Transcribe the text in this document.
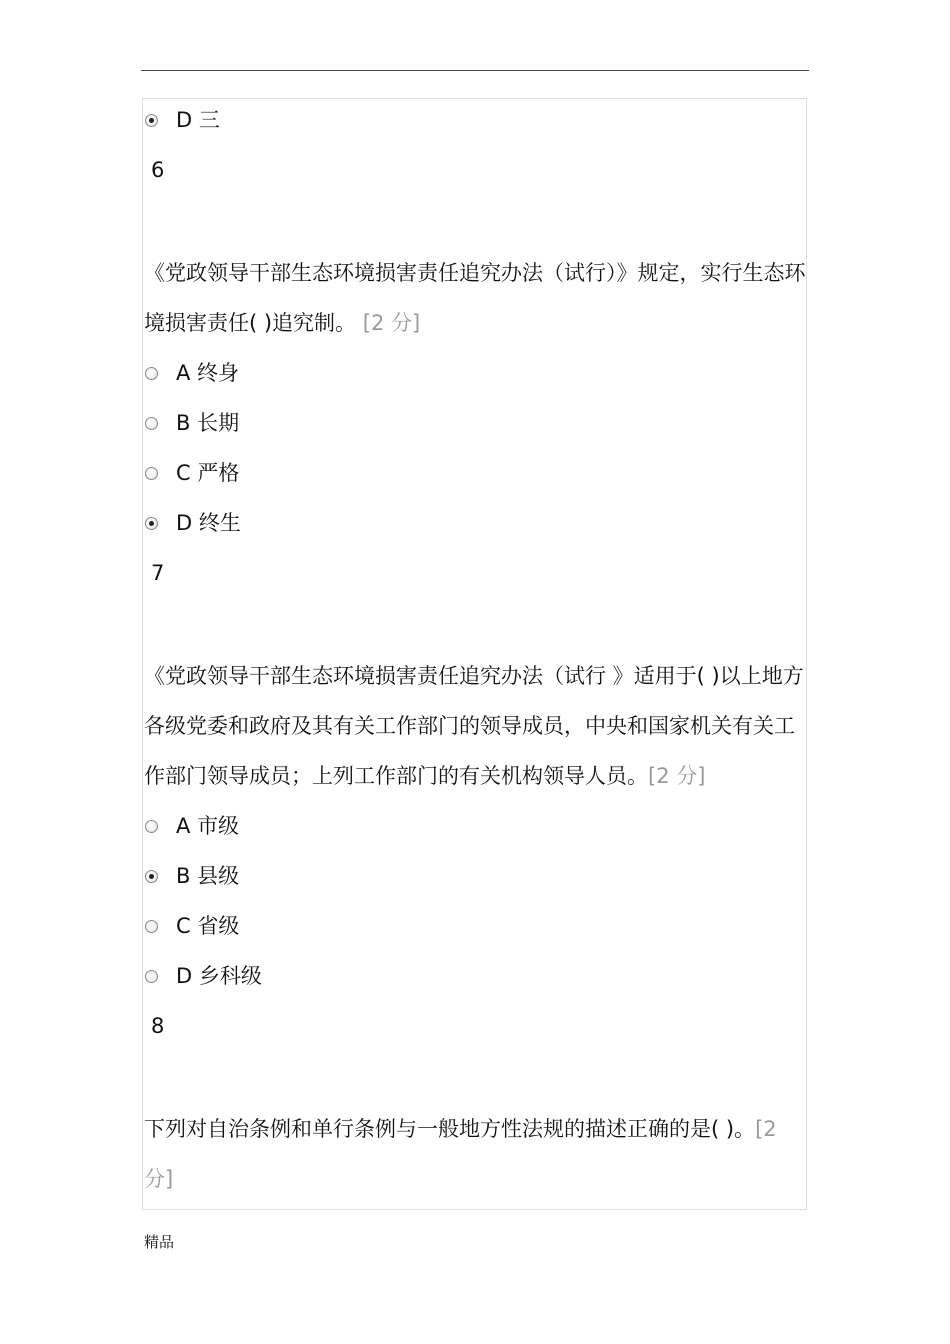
D
三
6
《党政领导干部生态环境损害责任追究办法（试行）》规定，实行生态环境损害责任( )追究制。 [2 分]
A
终身
B
长期
C
严格
D
终生
7
《党政领导干部生态环境损害责任追究办法（试行 》适用于( )以上地方各级党委和政府及其有关工作部门的领导成员，中央和国家机关有关工作部门领导成员；上列工作部门的有关机构领导人员。[2 分]
A
市级
B
县级
C
省级
D
乡科级
8
下列对自治条例和单行条例与一般地方性法规的描述正确的是( )。[2 分]
精品
